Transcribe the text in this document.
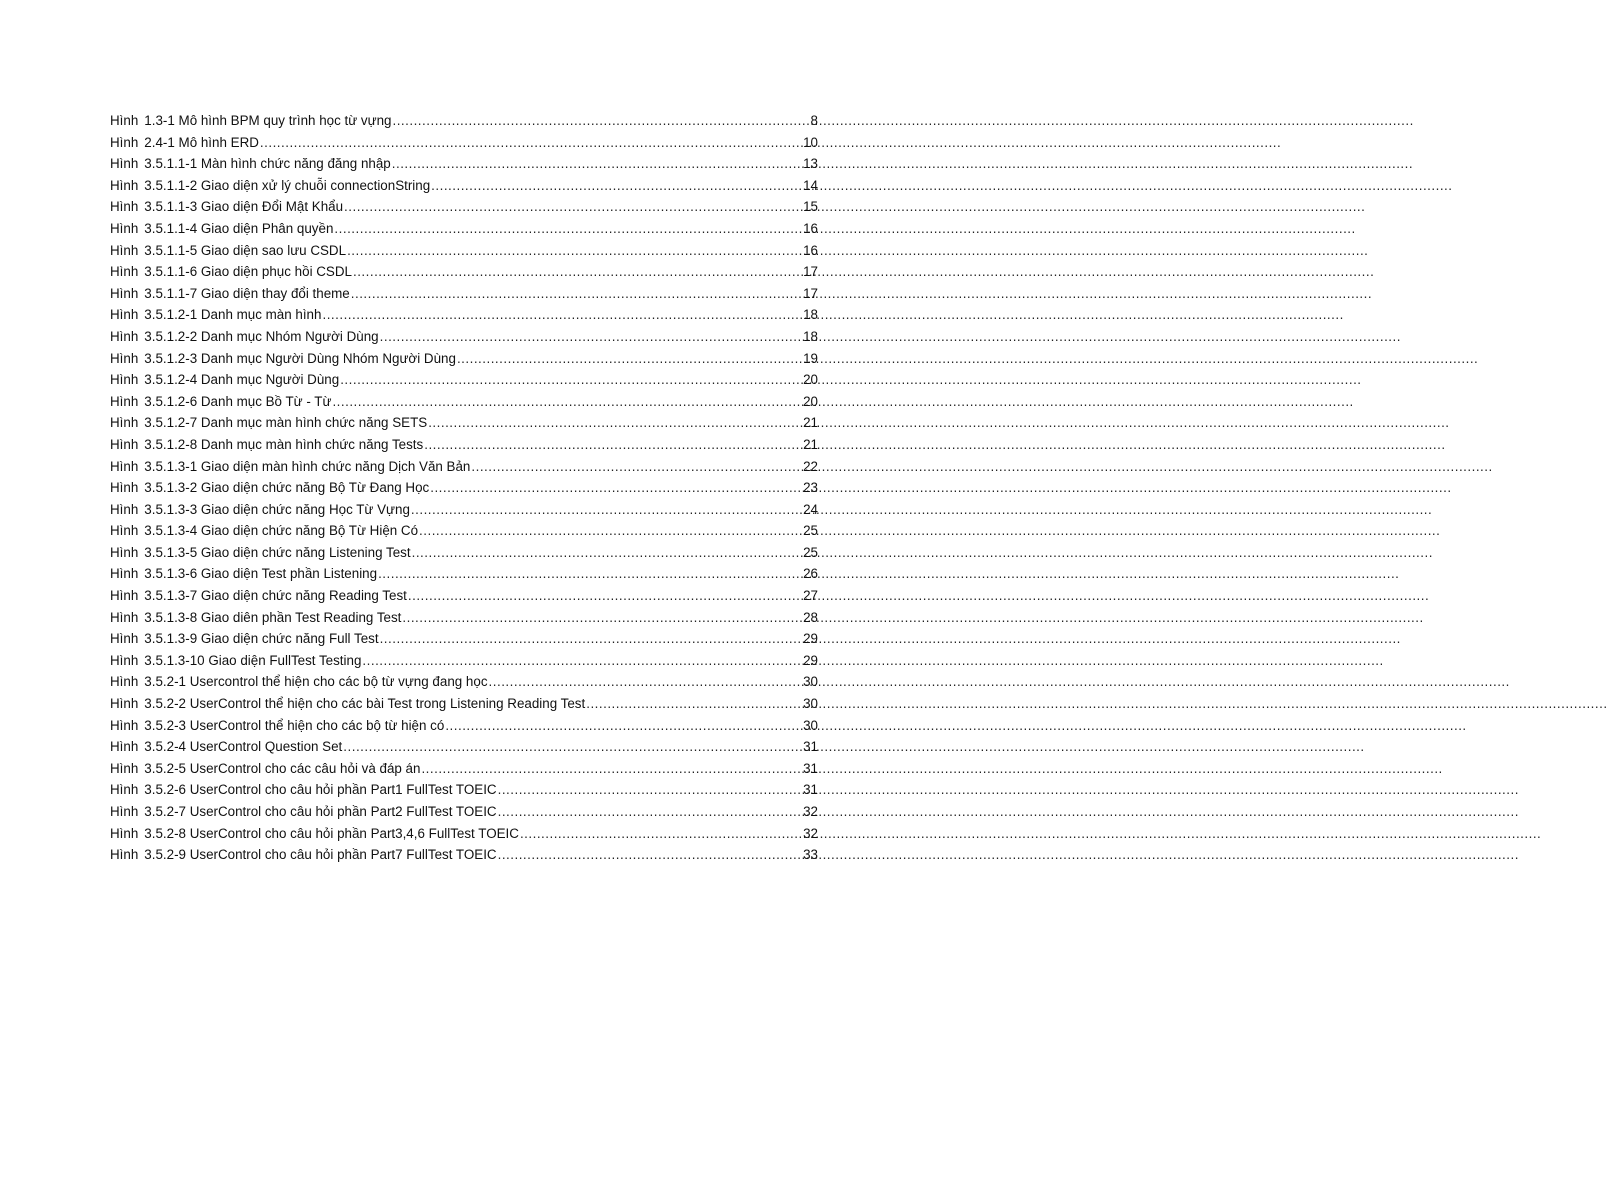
Hình 1.3-1 Mô hình BPM quy trình học từ vựng .....	8
Hình 2.4-1 Mô hình ERD .....	10
Hình 3.5.1.1-1 Màn hình chức năng đăng nhập .....	13
Hình 3.5.1.1-2 Giao diện xử lý chuỗi connectionString .....	14
Hình 3.5.1.1-3 Giao diện Đổi Mật Khẩu .....	15
Hình 3.5.1.1-4 Giao diện Phân quyền .....	16
Hình 3.5.1.1-5 Giao diện sao lưu CSDL .....	16
Hình 3.5.1.1-6 Giao diện phục hồi CSDL .....	17
Hình 3.5.1.1-7 Giao diện thay đổi theme .....	17
Hình 3.5.1.2-1 Danh mục màn hình .....	18
Hình 3.5.1.2-2 Danh mục Nhóm Người Dùng .....	18
Hình 3.5.1.2-3 Danh mục Người Dùng Nhóm Người Dùng .....	19
Hình 3.5.1.2-4 Danh mục Người Dùng .....	20
Hình 3.5.1.2-6 Danh mục Bồ Từ - Từ .....	20
Hình 3.5.1.2-7 Danh mục màn hình chức năng SETS .....	21
Hình 3.5.1.2-8 Danh mục màn hình chức năng Tests .....	21
Hình 3.5.1.3-1 Giao diện màn hình chức năng Dịch Văn Bản .....	22
Hình 3.5.1.3-2 Giao diện chức năng Bộ Từ Đang Học .....	23
Hình 3.5.1.3-3 Giao diện chức năng Học Từ Vựng .....	24
Hình 3.5.1.3-4 Giao diện chức năng Bộ Từ Hiện Có .....	25
Hình 3.5.1.3-5 Giao diện chức năng Listening Test .....	25
Hình 3.5.1.3-6 Giao diện Test phần Listening .....	26
Hình 3.5.1.3-7 Giao diện chức năng Reading Test .....	27
Hình 3.5.1.3-8 Giao diên phần Test Reading Test .....	28
Hình 3.5.1.3-9 Giao diện chức năng Full Test .....	29
Hình 3.5.1.3-10 Giao diện FullTest Testing .....	29
Hình 3.5.2-1 Usercontrol thể hiện cho các bộ từ vựng đang học .....	30
Hình 3.5.2-2 UserControl thể hiện cho các bài Test trong Listening Reading Test .....	30
Hình 3.5.2-3 UserControl thể hiện cho các bộ từ hiện có .....	30
Hình 3.5.2-4 UserControl Question Set .....	31
Hình 3.5.2-5 UserControl cho các câu hỏi và đáp án .....	31
Hình 3.5.2-6 UserControl cho câu hỏi phần Part1 FullTest TOEIC .....	31
Hình 3.5.2-7 UserControl cho câu hỏi phần Part2 FullTest TOEIC .....	32
Hình 3.5.2-8 UserControl cho câu hỏi phần Part3,4,6 FullTest TOEIC .....	32
Hình 3.5.2-9 UserControl cho câu hỏi phần Part7 FullTest TOEIC .....	33
